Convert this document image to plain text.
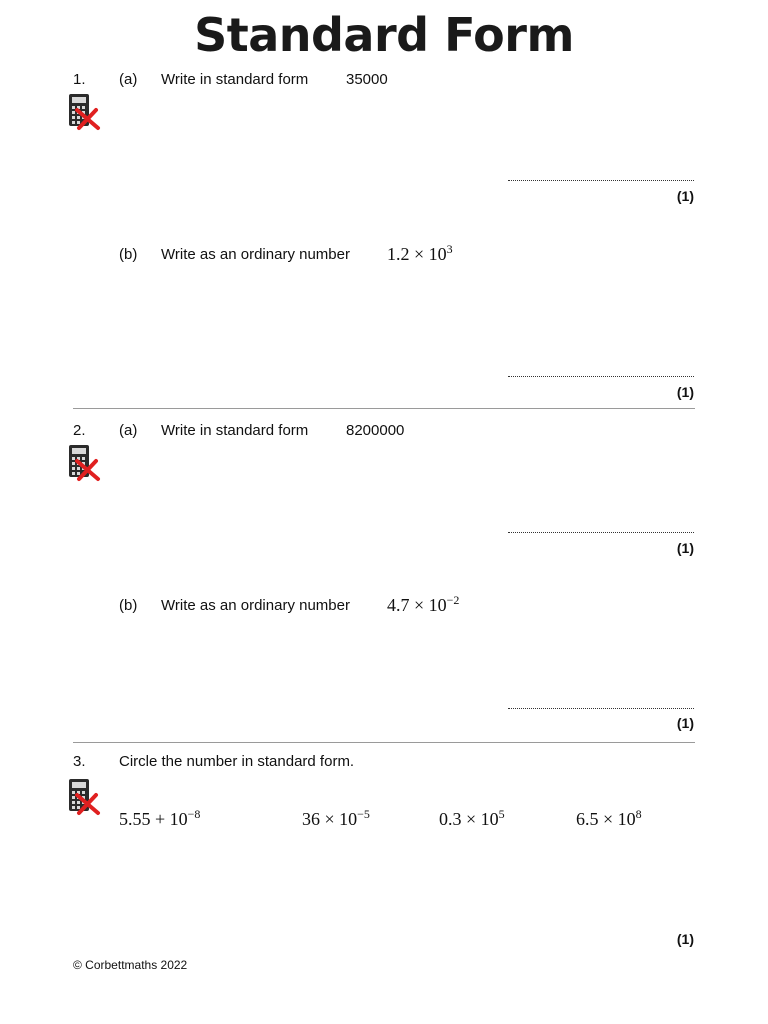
Standard Form
1. (a) Write in standard form	35000
(1)
(b) Write as an ordinary number $1.2 \times 10^3$
(1)
2. (a) Write in standard form	8200000
(1)
(b) Write as an ordinary number $4.7 \times 10^{-2}$
(1)
3. Circle the number in standard form.
$5.55 + 10^{-8}$	$36 \times 10^{-5}$	$0.3 \times 10^5$	$6.5 \times 10^8$
(1)
© Corbettmaths 2022
